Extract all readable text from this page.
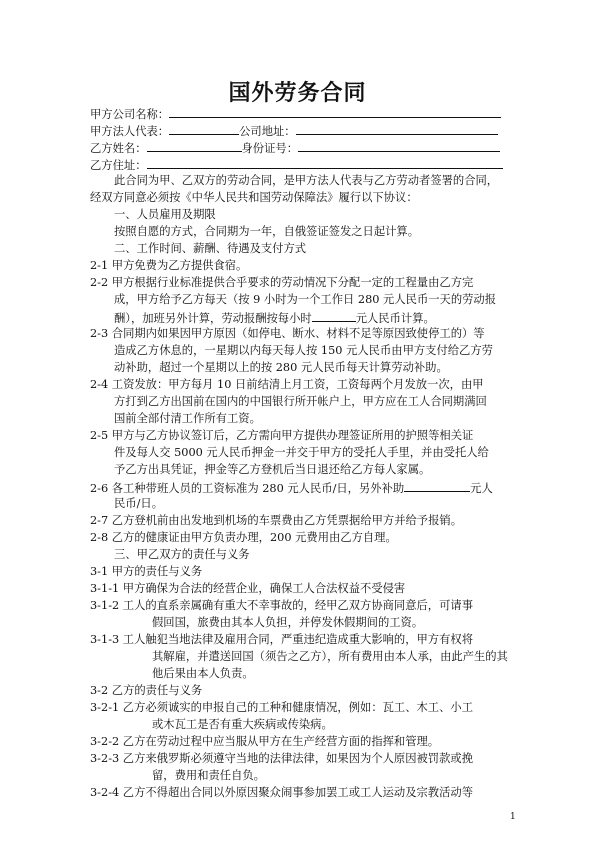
国外劳务合同
甲方公司名称：
甲方法人代表：	公司地址：
乙方姓名：	身份证号：
乙方住址：
此合同为甲、乙双方的劳动合同，是甲方法人代表与乙方劳动者签署的合同，
经双方同意必须按《中华人民共和国劳动保障法》履行以下协议：
一、人员雇用及期限
按照自愿的方式，合同期为一年，自俄签证签发之日起计算。
二、工作时间、薪酬、待遇及支付方式
2-1 甲方免费为乙方提供食宿。
2-2 甲方根据行业标准提供合乎要求的劳动情况下分配一定的工程量由乙方完
成，甲方给予乙方每天（按 9 小时为一个工作日 280 元人民币一天的劳动报
酬），加班另外计算，劳动报酬按每小时	元人民币计算。
2-3 合同期内如果因甲方原因（如停电、断水、材料不足等原因致使停工的）等
造成乙方休息的，一星期以内每天每人按 150 元人民币由甲方支付给乙方劳
动补助，超过一个星期以上的按 280 元人民币每天计算劳动补助。
2-4 工资发放：甲方每月 10 日前结清上月工资，工资每两个月发放一次，由甲
方打到乙方出国前在国内的中国银行所开帐户上，甲方应在工人合同期满回
国前全部付清工作所有工资。
2-5 甲方与乙方协议签订后，乙方需向甲方提供办理签证所用的护照等相关证
件及每人交 5000 元人民币押金一并交于甲方的受托人手里，并由受托人给
予乙方出具凭证，押金等乙方登机后当日退还给乙方每人家属。
2-6 各工种带班人员的工资标准为 280 元人民币/日，另外补助	元人
民币/日。
2-7 乙方登机前由出发地到机场的车票费由乙方凭票据给甲方并给予报销。
2-8 乙方的健康证由甲方负责办理，200 元费用由乙方自理。
三、甲乙双方的责任与义务
3-1 甲方的责任与义务
3-1-1 甲方确保为合法的经营企业，确保工人合法权益不受侵害
3-1-2 工人的直系亲属确有重大不幸事故的，经甲乙双方协商同意后，可请事
假回国，旅费由其本人负担，并停发休假期间的工资。
3-1-3 工人触犯当地法律及雇用合同，严重违纪造成重大影响的，甲方有权将
其解雇，并遣送回国（须告之乙方），所有费用由本人承，由此产生的其
他后果由本人负责。
3-2 乙方的责任与义务
3-2-1 乙方必须诚实的申报自己的工种和健康情况，例如：瓦工、木工、小工
或木瓦工是否有重大疾病或传染病。
3-2-2 乙方在劳动过程中应当服从甲方在生产经营方面的指挥和管理。
3-2-3 乙方来俄罗斯必须遵守当地的法律法律，如果因为个人原因被罚款或挽
留，费用和责任自负。
3-2-4 乙方不得超出合同以外原因聚众闹事参加罢工或工人运动及宗教活动等
1
